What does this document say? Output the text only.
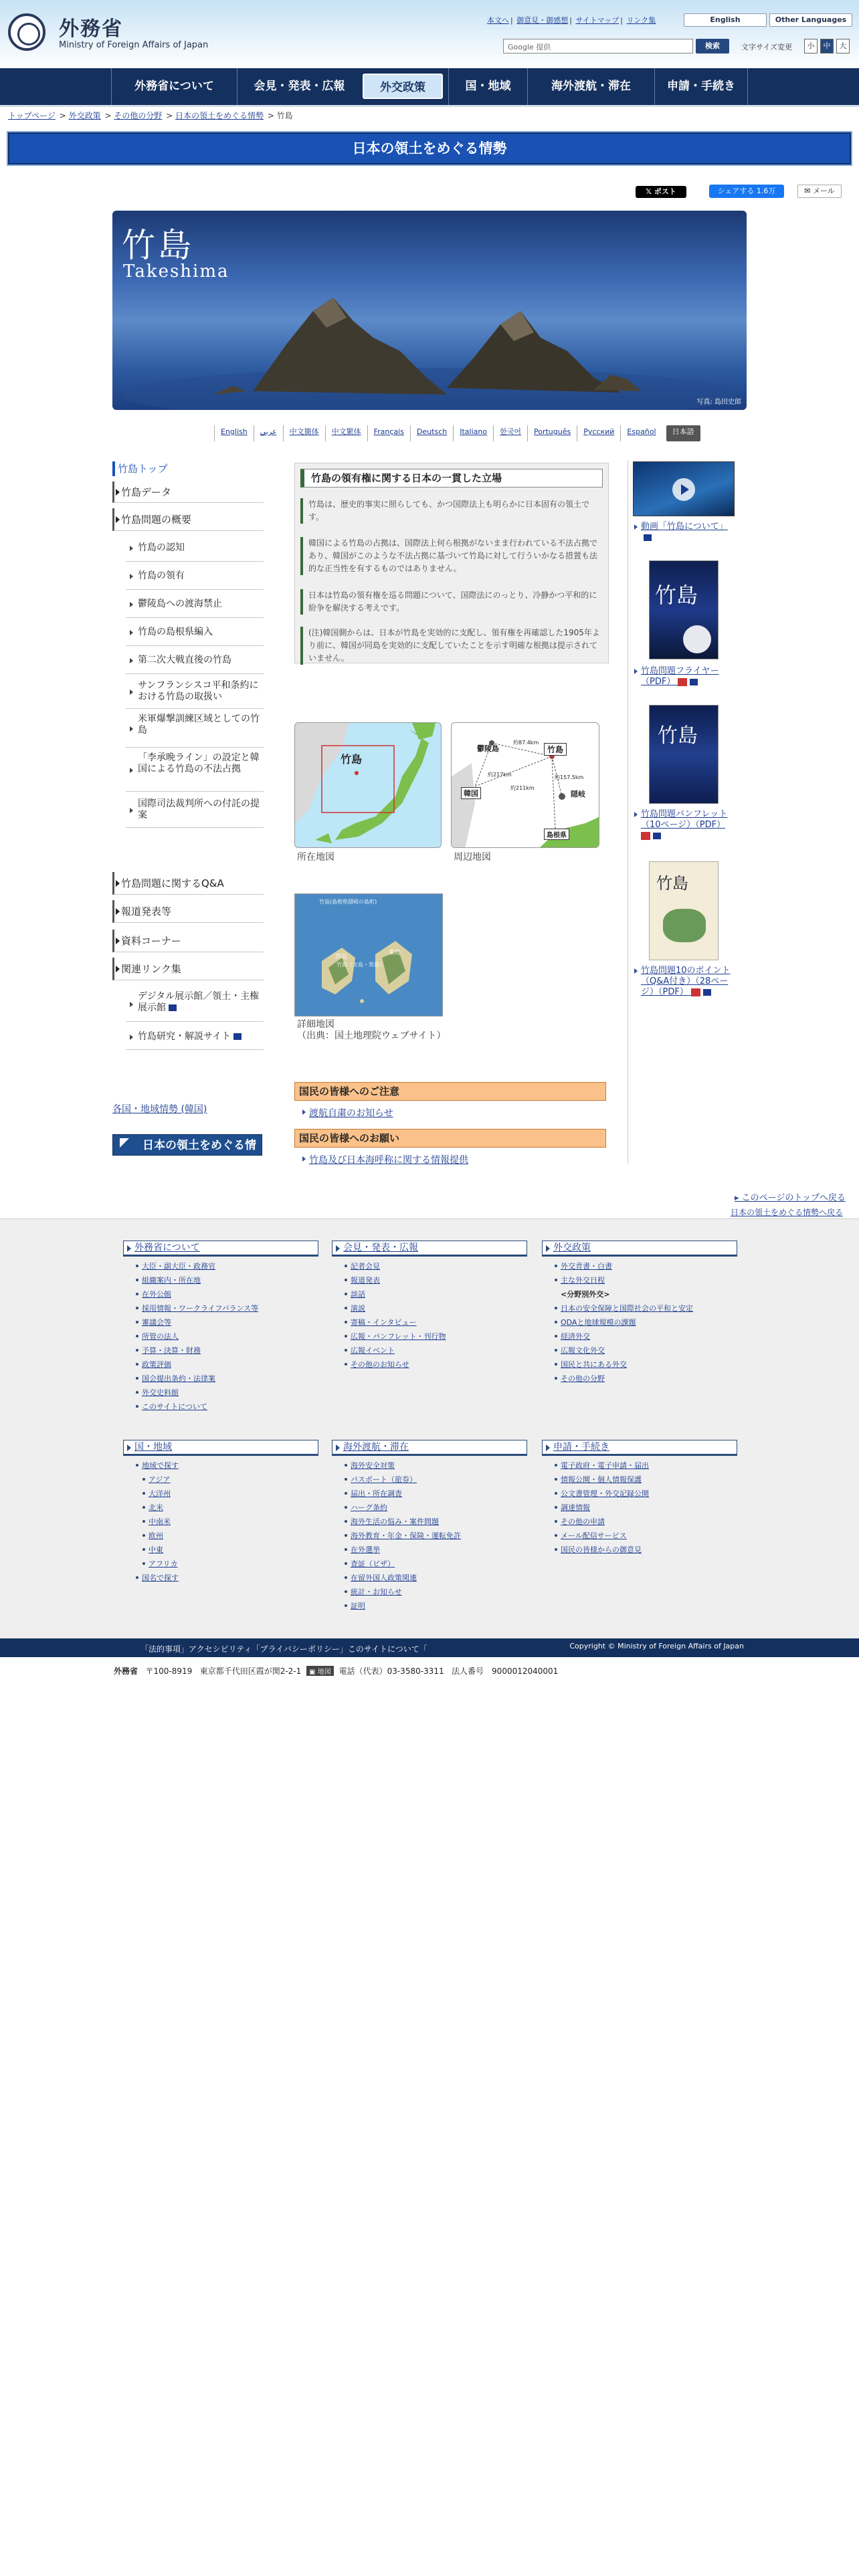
外務省
Ministry of Foreign Affairs of Japan
本文へ | 御意見・御感想 | サイトマップ | リンク集	English	Other Languages
Google 提供	検索	文字サイズ変更	小	中	大
外務省について	会見・発表・広報	外交政策	国・地域	海外渡航・滞在	申請・手続き
トップページ > 外交政策 > その他の分野 > 日本の領土をめぐる情勢 > 竹島
日本の領土をめぐる情勢
𝕏 ポスト	シェアする 1.6万	✉ メール
竹島
Takeshima
写真: 島田史郎
English	عربي	中文簡体	中文繁体	Français	Deutsch	Italiano	한국어	Português	Русский	Español	日本語
竹島トップ
竹島データ
竹島問題の概要
竹島の認知
竹島の領有
鬱陵島への渡海禁止
竹島の島根県編入
第二次大戦直後の竹島
サンフランシスコ平和条約における竹島の取扱い
米軍爆撃訓練区域としての竹島
「李承晩ライン」の設定と韓国による竹島の不法占拠
国際司法裁判所への付託の提案
竹島問題に関するQ&A
報道発表等
資料コーナー
関連リンク集
デジタル展示館／領土・主権展示館
竹島研究・解説サイト
各国・地域情勢 (韓国)
日本の領土をめぐる情勢
竹島の領有権に関する日本の一貫した立場
竹島は、歴史的事実に照らしても、かつ国際法上も明らかに日本固有の領土です。
韓国による竹島の占拠は、国際法上何ら根拠がないまま行われている不法占拠であり、韓国がこのような不法占拠に基づいて竹島に対して行ういかなる措置も法的な正当性を有するものではありません。
日本は竹島の領有権を巡る問題について、国際法にのっとり、冷静かつ平和的に紛争を解決する考えです。
(注)韓国側からは、日本が竹島を実効的に支配し、領有権を再確認した1905年より前に、韓国が同島を実効的に支配していたことを示す明確な根拠は提示されていません。
竹島
所在地図
鬱陵島	竹島
隠岐
島根県
韓国
約87.4km
約157.5km
約211km
約217km
周辺地図
竹島(島根県隠岐の島町)
西島
東島
竹島（女島・男島）
詳細地図
（出典：国土地理院ウェブサイト）
国民の皆様へのご注意
渡航自粛のお知らせ
国民の皆様へのお願い
竹島及び日本海呼称に関する情報提供
動画「竹島について」

竹島
竹島問題フライヤー（PDF）
竹島
竹島問題パンフレット（10ページ）（PDF）
竹島
竹島問題10のポイント（Q&A付き）（28ページ）（PDF）
▸ このページのトップへ戻る
日本の領土をめぐる情勢へ戻る
外務省について
大臣・副大臣・政務官
組織案内・所在地
在外公館
採用情報・ワークライフバランス等
審議会等
所管の法人
予算・決算・財務
政策評価
国会提出条約・法律案
外交史料館
このサイトについて
会見・発表・広報
記者会見
報道発表
談話
演説
寄稿・インタビュー
広報・パンフレット・刊行物
広報イベント
その他のお知らせ
外交政策
外交青書・白書
主な外交日程
<分野別外交>
日本の安全保障と国際社会の平和と安定
ODAと地球規模の課題
経済外交
広報文化外交
国民と共にある外交
その他の分野
国・地域
地域で探す
アジア
大洋州
北米
中南米
欧州
中東
アフリカ
国名で探す
海外渡航・滞在
海外安全対策
パスポート（旅券）
届出・所在調査
ハーグ条約
海外生活の悩み・案件問題
海外教育・年金・保険・運転免許
在外選挙
査証（ビザ）
在留外国人政策関連
統計・お知らせ
証明
申請・手続き
電子政府・電子申請・届出
情報公開・個人情報保護
公文書管理・外交記録公開
調達情報
その他の申請
メール配信サービス
国民の皆様からの御意見
「法的事項」アクセシビリティ「プライバシーポリシー」このサイトについて「	Copyright © Ministry of Foreign Affairs of Japan
外務省 〒100-8919 東京都千代田区霞が関2-2-1 ▣ 地図 電話（代表）03-3580-3311 法人番号　9000012040001
